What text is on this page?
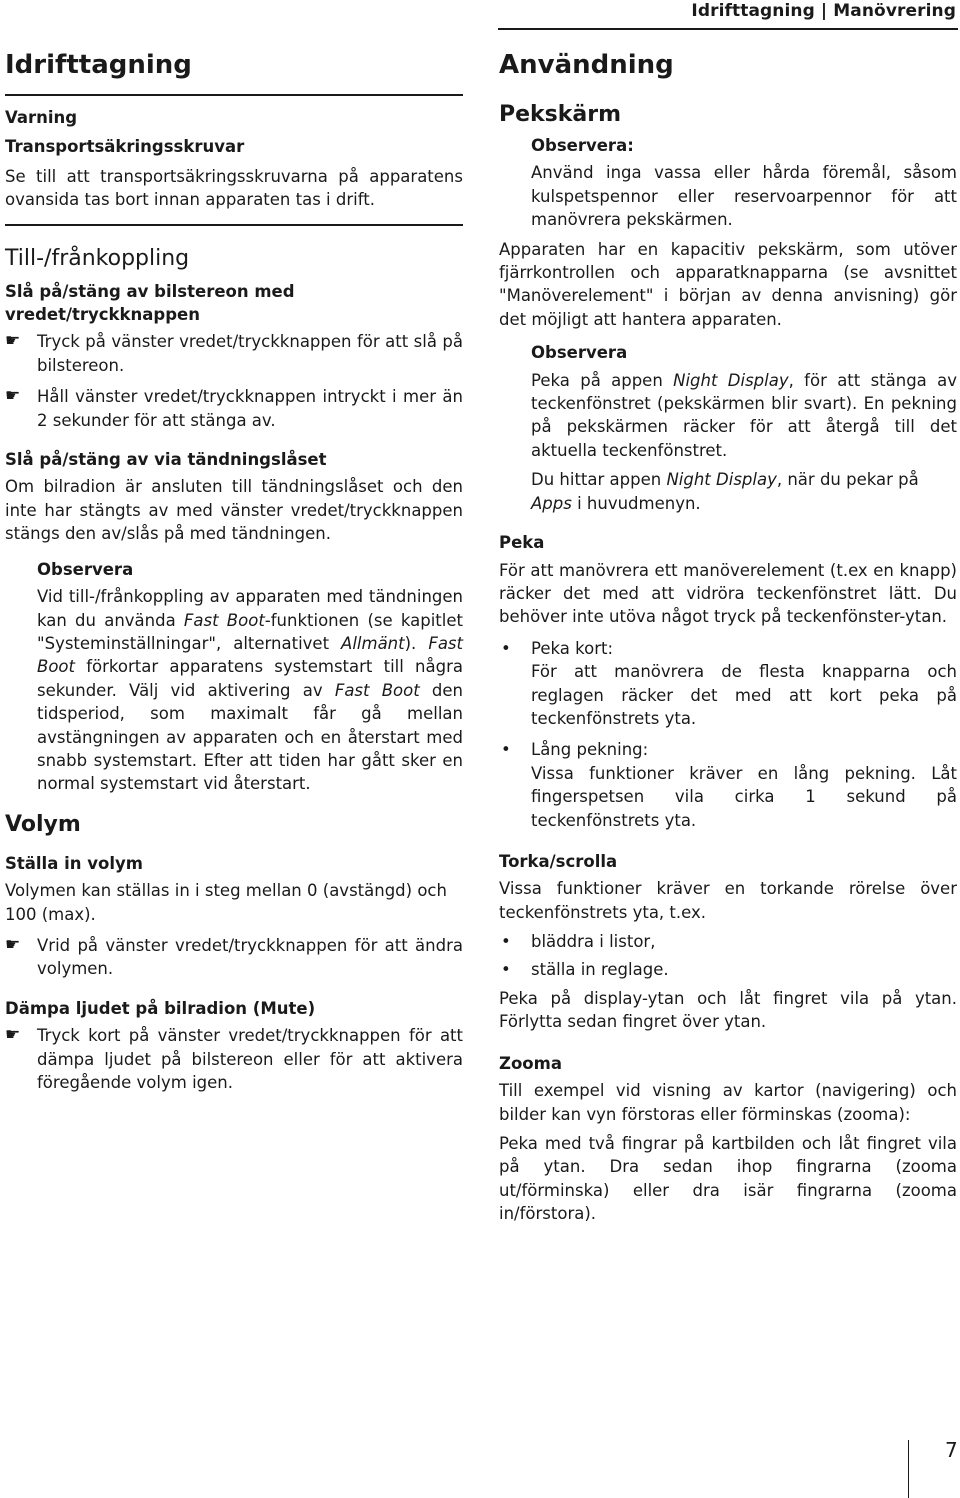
Idrifttagning | Manövrering
Idrifttagning
Varning
Transportsäkringsskruvar

Se till att transportsäkringsskruvarna på apparatens ovansida tas bort innan apparaten tas i drift.

Till-/frånkoppling
Slå på/stäng av bilstereon med vredet/tryckknappen
☛ Tryck på vänster vredet/tryckknappen för att slå på bilstereon.
☛ Håll vänster vredet/tryckknappen intryckt i mer än 2 sekunder för att stänga av.
Slå på/stäng av via tändningslåset

Om bilradion är ansluten till tändningslåset och den inte har stängts av med vänster vredet/tryckknappen stängs den av/slås på med tändningen.

Observera

Vid till-/frånkoppling av apparaten med tändningen kan du använda Fast Boot-funktionen (se kapitlet "Systeminställningar", alternativet Allmänt). Fast Boot förkortar apparatens systemstart till några sekunder. Välj vid aktivering av Fast Boot den tidsperiod, som maximalt får gå mellan avstängningen av apparaten och en återstart med snabb systemstart. Efter att tiden har gått sker en normal systemstart vid återstart.

Volym
Ställa in volym

Volymen kan ställas in i steg mellan 0 (avstängd) och 100 (max).

☛ Vrid på vänster vredet/tryckknappen för att ändra volymen.
Dämpa ljudet på bilradion (Mute)
☛ Tryck kort på vänster vredet/tryckknappen för att dämpa ljudet på bilstereon eller för att aktivera föregående volym igen.
Användning
Pekskärm
Observera:

Använd inga vassa eller hårda föremål, såsom kulspetspennor eller reservoarpennor för att manövrera pekskärmen.

Apparaten har en kapacitiv pekskärm, som utöver fjärrkontrollen och apparatknapparna (se avsnittet "Manöverelement" i början av denna anvisning) gör det möjligt att hantera apparaten.

Observera

Peka på appen Night Display, för att stänga av teckenfönstret (pekskärmen blir svart). En pekning på pekskärmen räcker för att återgå till det aktuella teckenfönstret.

Du hittar appen Night Display, när du pekar på Apps i huvudmenyn.

Peka

För att manövrera ett manöverelement (t.ex en knapp) räcker det med att vidröra teckenfönstret lätt. Du behöver inte utöva något tryck på teckenfönster-ytan.

• Peka kort:
För att manövrera de flesta knapparna och reglagen räcker det med att kort peka på teckenfönstrets yta.
• Lång pekning:
Vissa funktioner kräver en lång pekning. Låt fingerspetsen vila cirka 1 sekund på teckenfönstrets yta.
Torka/scrolla

Vissa funktioner kräver en torkande rörelse över teckenfönstrets yta, t.ex.

• bläddra i listor,
• ställa in reglage.

Peka på display-ytan och låt fingret vila på ytan. Förlytta sedan fingret över ytan.

Zooma

Till exempel vid visning av kartor (navigering) och bilder kan vyn förstoras eller förminskas (zooma):

Peka med två fingrar på kartbilden och låt fingret vila på ytan. Dra sedan ihop fingrarna (zooma ut/förminska) eller dra isär fingrarna (zooma in/förstora).

7
